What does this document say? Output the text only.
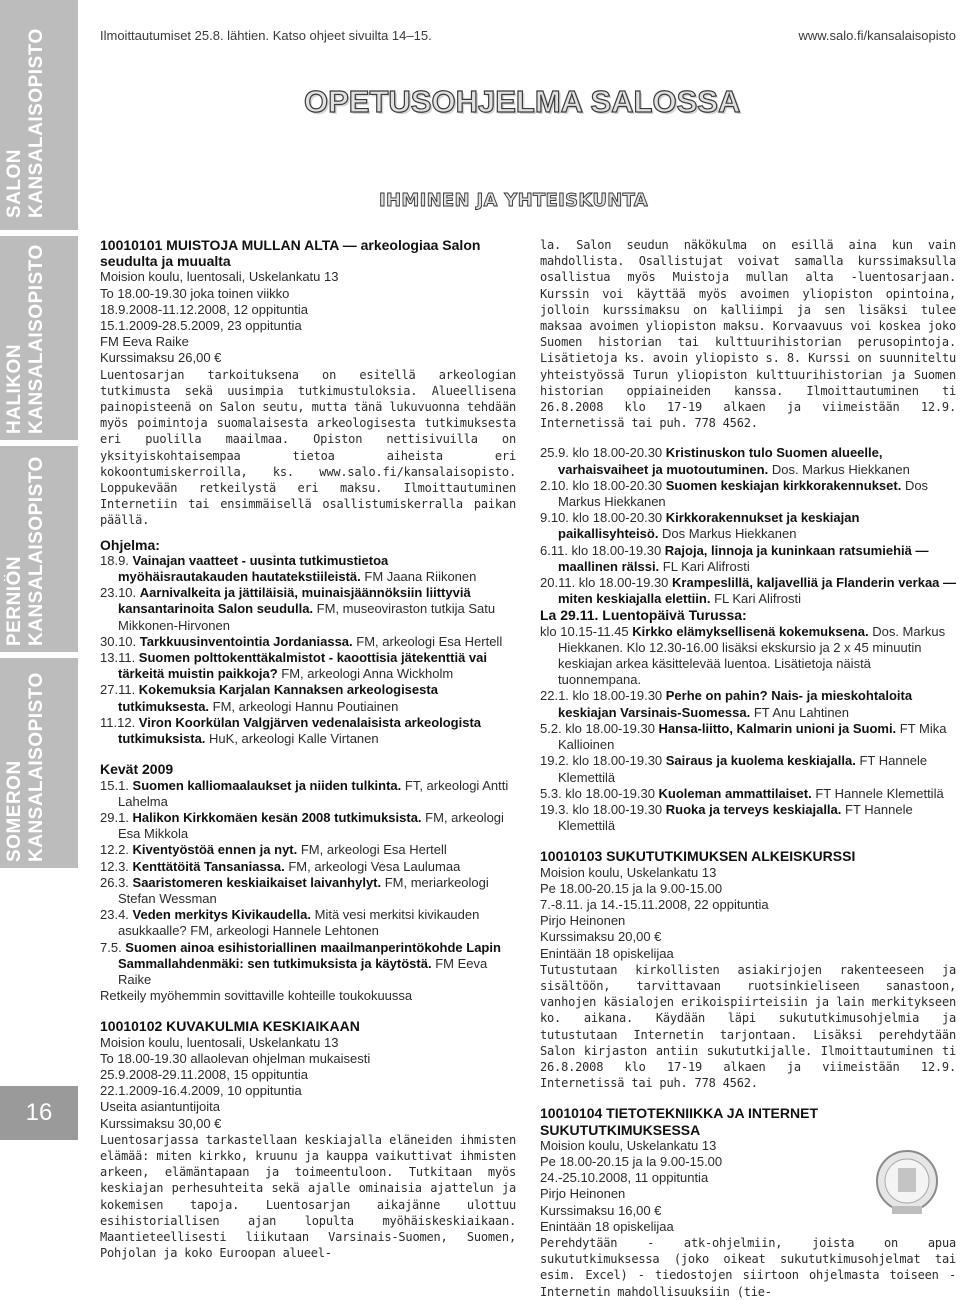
SALON KANSALAISOPISTO
HALIKON KANSALAISOPISTO
PERNIÖN KANSALAISOPISTO
SOMERON KANSALAISOPISTO
16
Ilmoittautumiset 25.8. lähtien. Katso ohjeet sivuilta 14–15.	www.salo.fi/kansalaisopisto
OPETUSOHJELMA SALOSSA
IHMINEN JA YHTEISKUNTA

10010101 MUISTOJA MULLAN ALTA — arkeologiaa Salon seudulta ja muualta

Moision koulu, luentosali, Uskelankatu 13

To 18.00-19.30 joka toinen viikko

18.9.2008-11.12.2008, 12 oppituntia

15.1.2009-28.5.2009, 23 oppituntia

FM Eeva Raike

Kurssimaksu 26,00 €

Luentosarjan tarkoituksena on esitellä arkeologian tutkimusta sekä uusimpia tutkimustuloksia. Alueellisena painopisteenä on Salon seutu, mutta tänä lukuvuonna tehdään myös poimintoja suomalaisesta arkeologisesta tutkimuksesta eri puolilla maailmaa. Opiston nettisivuilla on yksityiskohtaisempaa tietoa aiheista eri kokoontumiskerroilla, ks. www.salo.fi/kansalaisopisto. Loppukevään retkeilystä eri maksu. Ilmoittautuminen Internetiin tai ensimmäisellä osallistumiskerralla paikan päällä.

Ohjelma:

18.9. Vainajan vaatteet - uusinta tutkimustietoa myöhäisrautakauden hautatekstiileistä. FM Jaana Riikonen

23.10. Aarnivalkeita ja jättiläisiä, muinaisjäännöksiin liittyviä kansantarinoita Salon seudulla. FM, museoviraston tutkija Satu Mikkonen-Hirvonen

30.10. Tarkkuusinventointia Jordaniassa. FM, arkeologi Esa Hertell

13.11. Suomen polttokenttäkalmistot - kaoottisia jätekenttiä vai tärkeitä muistin paikkoja? FM, arkeologi Anna Wickholm

27.11. Kokemuksia Karjalan Kannaksen arkeologisesta tutkimuksesta. FM, arkeologi Hannu Poutiainen

11.12. Viron Koorkülan Valgjärven vedenalaisista arkeologista tutkimuksista. HuK, arkeologi Kalle Virtanen

Kevät 2009

15.1. Suomen kalliomaalaukset ja niiden tulkinta. FT, arkeologi Antti Lahelma

29.1. Halikon Kirkkomäen kesän 2008 tutkimuksista. FM, arkeologi Esa Mikkola

12.2. Kiventyöstöä ennen ja nyt. FM, arkeologi Esa Hertell

12.3. Kenttätöitä Tansaniassa. FM, arkeologi Vesa Laulumaa

26.3. Saaristomeren keskiaikaiset laivanhylyt. FM, meriarkeologi Stefan Wessman

23.4. Veden merkitys Kivikaudella. Mitä vesi merkitsi kivikauden asukkaalle? FM, arkeologi Hannele Lehtonen

7.5. Suomen ainoa esihistoriallinen maailmanperintökohde Lapin Sammallahdenmäki: sen tutkimuksista ja käytöstä. FM Eeva Raike

Retkeily myöhemmin sovittaville kohteille toukokuussa

10010102 KUVAKULMIA KESKIAIKAAN

Moision koulu, luentosali, Uskelankatu 13

To 18.00-19.30 allaolevan ohjelman mukaisesti

25.9.2008-29.11.2008, 15 oppituntia

22.1.2009-16.4.2009, 10 oppituntia

Useita asiantuntijoita

Kurssimaksu 30,00 €

Luentosarjassa tarkastellaan keskiajalla eläneiden ihmisten elämää: miten kirkko, kruunu ja kauppa vaikuttivat ihmisten arkeen, elämäntapaan ja toimeentuloon. Tutkitaan myös keskiajan perhesuhteita sekä ajalle ominaisia ajattelun ja kokemisen tapoja. Luentosarjan aikajänne ulottuu esihistoriallisen ajan lopulta myöhäiskeskiaikaan. Maantieteellisesti liikutaan Varsinais-Suomen, Suomen, Pohjolan ja koko Euroopan alueel-

la. Salon seudun näkökulma on esillä aina kun vain mahdollista. Osallistujat voivat samalla kurssimaksulla osallistua myös Muistoja mullan alta -luentosarjaan. Kurssin voi käyttää myös avoimen yliopiston opintoina, jolloin kurssimaksu on kalliimpi ja sen lisäksi tulee maksaa avoimen yliopiston maksu. Korvaavuus voi koskea joko Suomen historian tai kulttuurihistorian perusopintoja. Lisätietoja ks. avoin yliopisto s. 8. Kurssi on suunniteltu yhteistyössä Turun yliopiston kulttuurihistorian ja Suomen historian oppiaineiden kanssa. Ilmoittautuminen ti 26.8.2008 klo 17-19 alkaen ja viimeistään 12.9. Internetissä tai puh. 778 4562.

25.9. klo 18.00-20.30 Kristinuskon tulo Suomen alueelle, varhaisvaiheet ja muotoutuminen. Dos. Markus Hiekkanen

2.10. klo 18.00-20.30 Suomen keskiajan kirkkorakennukset. Dos Markus Hiekkanen

9.10. klo 18.00-20.30 Kirkkorakennukset ja keskiajan paikallisyhteisö. Dos Markus Hiekkanen

6.11. klo 18.00-19.30 Rajoja, linnoja ja kuninkaan ratsumiehiä — maallinen rälssi. FL Kari Alifrosti

20.11. klo 18.00-19.30 Krampeslillä, kaljavelliä ja Flanderin verkaa — miten keskiajalla elettiin. FL Kari Alifrosti

La 29.11. Luentopäivä Turussa:

klo 10.15-11.45 Kirkko elämyksellisenä kokemuksena. Dos. Markus Hiekkanen. Klo 12.30-16.00 lisäksi ekskursio ja 2 x 45 minuutin keskiajan arkea käsittelevää luentoa. Lisätietoja näistä tuonnempana.

22.1. klo 18.00-19.30 Perhe on pahin? Nais- ja mieskohtaloita keskiajan Varsinais-Suomessa. FT Anu Lahtinen

5.2. klo 18.00-19.30 Hansa-liitto, Kalmarin unioni ja Suomi. FT Mika Kallioinen

19.2. klo 18.00-19.30 Sairaus ja kuolema keskiajalla. FT Hannele Klemettilä

5.3. klo 18.00-19.30 Kuoleman ammattilaiset. FT Hannele Klemettilä

19.3. klo 18.00-19.30 Ruoka ja terveys keskiajalla. FT Hannele Klemettilä

10010103 SUKUTUTKIMUKSEN ALKEISKURSSI

Moision koulu, Uskelankatu 13

Pe 18.00-20.15 ja la 9.00-15.00

7.-8.11. ja 14.-15.11.2008, 22 oppituntia

Pirjo Heinonen

Kurssimaksu 20,00 €

Enintään 18 opiskelijaa

Tutustutaan kirkollisten asiakirjojen rakenteeseen ja sisältöön, tarvittavaan ruotsinkieliseen sanastoon, vanhojen käsialojen erikoispiirteisiin ja lain merkitykseen ko. aikana. Käydään läpi sukututkimusohjelmia ja tutustutaan Internetin tarjontaan. Lisäksi perehdytään Salon kirjaston antiin sukututkijalle. Ilmoittautuminen ti 26.8.2008 klo 17-19 alkaen ja viimeistään 12.9. Internetissä tai puh. 778 4562.

10010104 TIETOTEKNIIKKA JA INTERNET SUKUTUTKIMUKSESSA

Moision koulu, Uskelankatu 13

Pe 18.00-20.15 ja la 9.00-15.00

24.-25.10.2008, 11 oppituntia

Pirjo Heinonen

Kurssimaksu 16,00 €

Enintään 18 opiskelijaa

Perehdytään - atk-ohjelmiin, joista on apua sukututkimuksessa (joko oikeat sukututkimusohjelmat tai esim. Excel) - tiedostojen siirtoon ohjelmasta toiseen - Internetin mahdollisuuksiin (tie-
